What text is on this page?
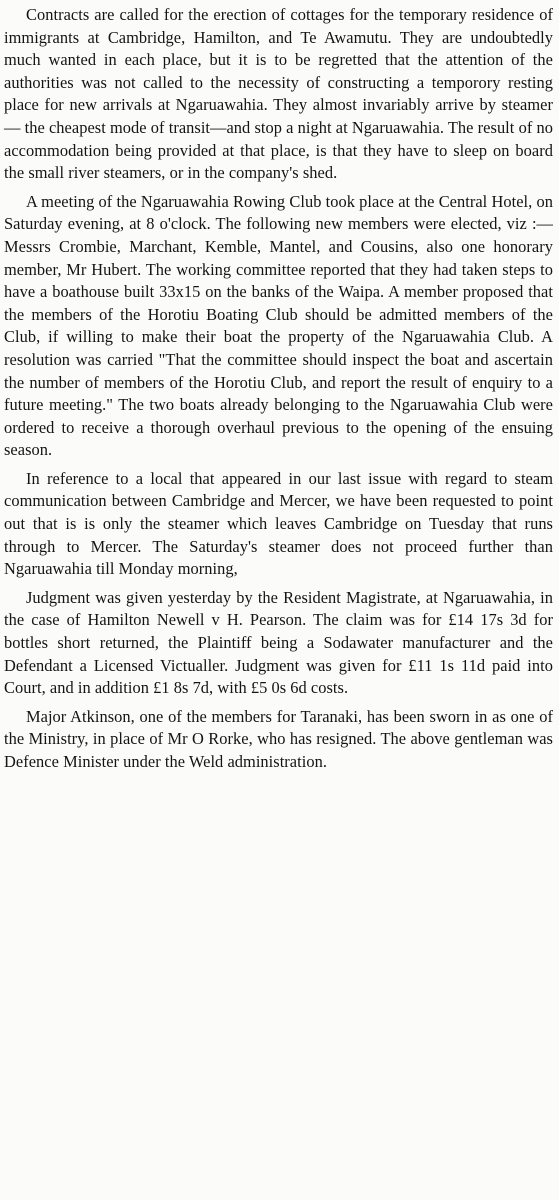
Contracts are called for the erection of cottages for the temporary residence of immigrants at Cambridge, Hamilton, and Te Awamutu. They are undoubtedly much wanted in each place, but it is to be regretted that the attention of the authorities was not called to the necessity of constructing a temporory resting place for new arrivals at Ngaruawahia. They almost invariably arrive by steamer — the cheapest mode of transit—and stop a night at Ngaruawahia. The result of no accommodation being provided at that place, is that they have to sleep on board the small river steamers, or in the company's shed.

A meeting of the Ngaruawahia Rowing Club took place at the Central Hotel, on Saturday evening, at 8 o'clock. The following new members were elected, viz :—Messrs Crombie, Marchant, Kemble, Mantel, and Cousins, also one honorary member, Mr Hubert. The working committee reported that they had taken steps to have a boathouse built 33x15 on the banks of the Waipa. A member proposed that the members of the Horotiu Boating Club should be admitted members of the Club, if willing to make their boat the property of the Ngaruawahia Club. A resolution was carried "That the committee should inspect the boat and ascertain the number of members of the Horotiu Club, and report the result of enquiry to a future meeting." The two boats already belonging to the Ngaruawahia Club were ordered to receive a thorough overhaul previous to the opening of the ensuing season.

In reference to a local that appeared in our last issue with regard to steam communication between Cambridge and Mercer, we have been requested to point out that is is only the steamer which leaves Cambridge on Tuesday that runs through to Mercer. The Saturday's steamer does not proceed further than Ngaruawahia till Monday morning,

Judgment was given yesterday by the Resident Magistrate, at Ngaruawahia, in the case of Hamilton Newell v H. Pearson. The claim was for £14 17s 3d for bottles short returned, the Plaintiff being a Sodawater manufacturer and the Defendant a Licensed Victualler. Judgment was given for £11 1s 11d paid into Court, and in addition £1 8s 7d, with £5 0s 6d costs.

Major Atkinson, one of the members for Taranaki, has been sworn in as one of the Ministry, in place of Mr O Rorke, who has resigned. The above gentleman was Defence Minister under the Weld administration.
